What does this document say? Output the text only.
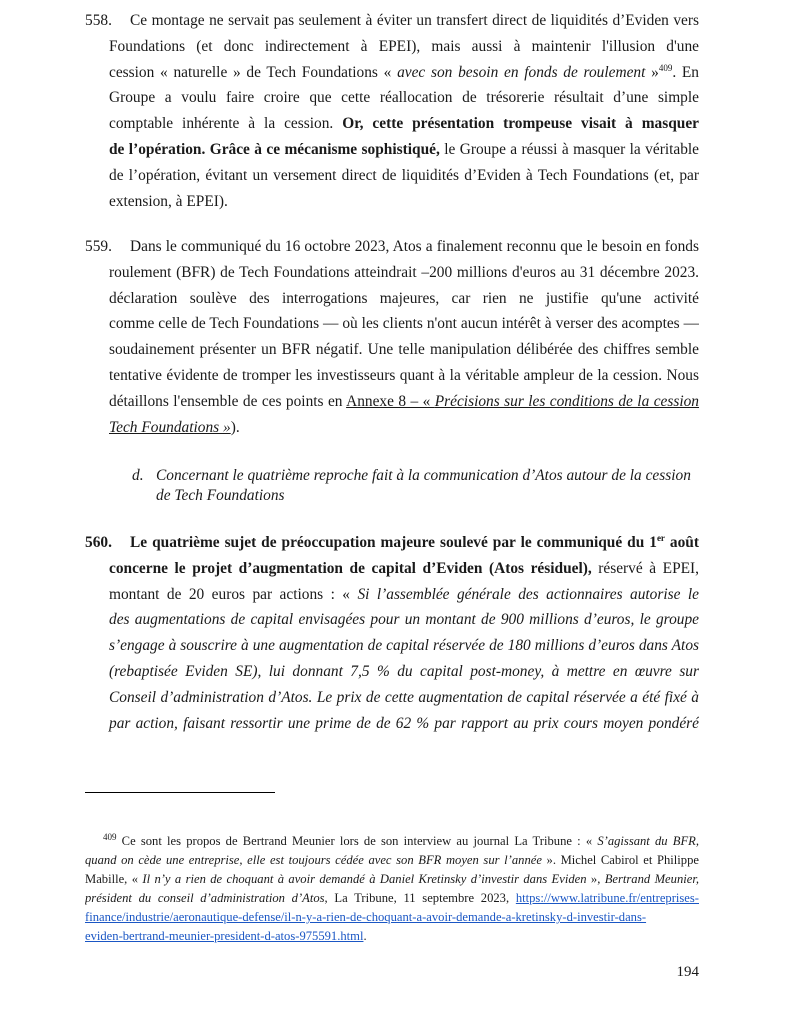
558.	Ce montage ne servait pas seulement à éviter un transfert direct de liquidités d’Eviden vers
Foundations (et donc indirectement à EPEI), mais aussi à maintenir l'illusion d'une
cession « naturelle » de Tech Foundations « avec son besoin en fonds de roulement »$^{409}$. En
Groupe a voulu faire croire que cette réallocation de trésorerie résultait d’une simple
comptable inhérente à la cession. Or, cette présentation trompeuse visait à masquer
de l’opération. Grâce à ce mécanisme sophistiqué, le Groupe a réussi à masquer la véritable
de l’opération, évitant un versement direct de liquidités d’Eviden à Tech Foundations (et, par
extension, à EPEI).
559.	Dans le communiqué du 16 octobre 2023, Atos a finalement reconnu que le besoin en fonds
roulement (BFR) de Tech Foundations atteindrait –200 millions d'euros au 31 décembre 2023.
déclaration soulève des interrogations majeures, car rien ne justifie qu'une activité
comme celle de Tech Foundations — où les clients n'ont aucun intérêt à verser des acomptes —
soudainement présenter un BFR négatif. Une telle manipulation délibérée des chiffres semble
tentative évidente de tromper les investisseurs quant à la véritable ampleur de la cession. Nous
détaillons l'ensemble de ces points en Annexe 8 – « Précisions sur les conditions de la cession
Tech Foundations »).
d. Concernant le quatrième reproche fait à la communication d’Atos autour de la cession de Tech Foundations
560.	Le quatrième sujet de préoccupation majeure soulevé par le communiqué du 1er août
concerne le projet d’augmentation de capital d’Eviden (Atos résiduel), réservé à EPEI,
montant de 20 euros par actions : « Si l’assemblée générale des actionnaires autorise le
des augmentations de capital envisagées pour un montant de 900 millions d’euros, le groupe
s’engage à souscrire à une augmentation de capital réservée de 180 millions d’euros dans Atos
(rebaptisée Eviden SE), lui donnant 7,5 % du capital post-money, à mettre en œuvre sur
Conseil d’administration d’Atos. Le prix de cette augmentation de capital réservée a été fixé à
par action, faisant ressortir une prime de de 62 % par rapport au prix cours moyen pondéré
$^{409}$ Ce sont les propos de Bertrand Meunier lors de son interview au journal La Tribune : « S’agissant du BFR,
quand on cède une entreprise, elle est toujours cédée avec son BFR moyen sur l’année ». Michel Cabirol et Philippe
Mabille, « Il n’y a rien de choquant à avoir demandé à Daniel Kretinsky d’investir dans Eviden », Bertrand Meunier,
président du conseil d’administration d’Atos, La Tribune, 11 septembre 2023, https://www.latribune.fr/entreprises-
finance/industrie/aeronautique-defense/il-n-y-a-rien-de-choquant-a-avoir-demande-a-kretinsky-d-investir-dans-
eviden-bertrand-meunier-president-d-atos-975591.html.
194
